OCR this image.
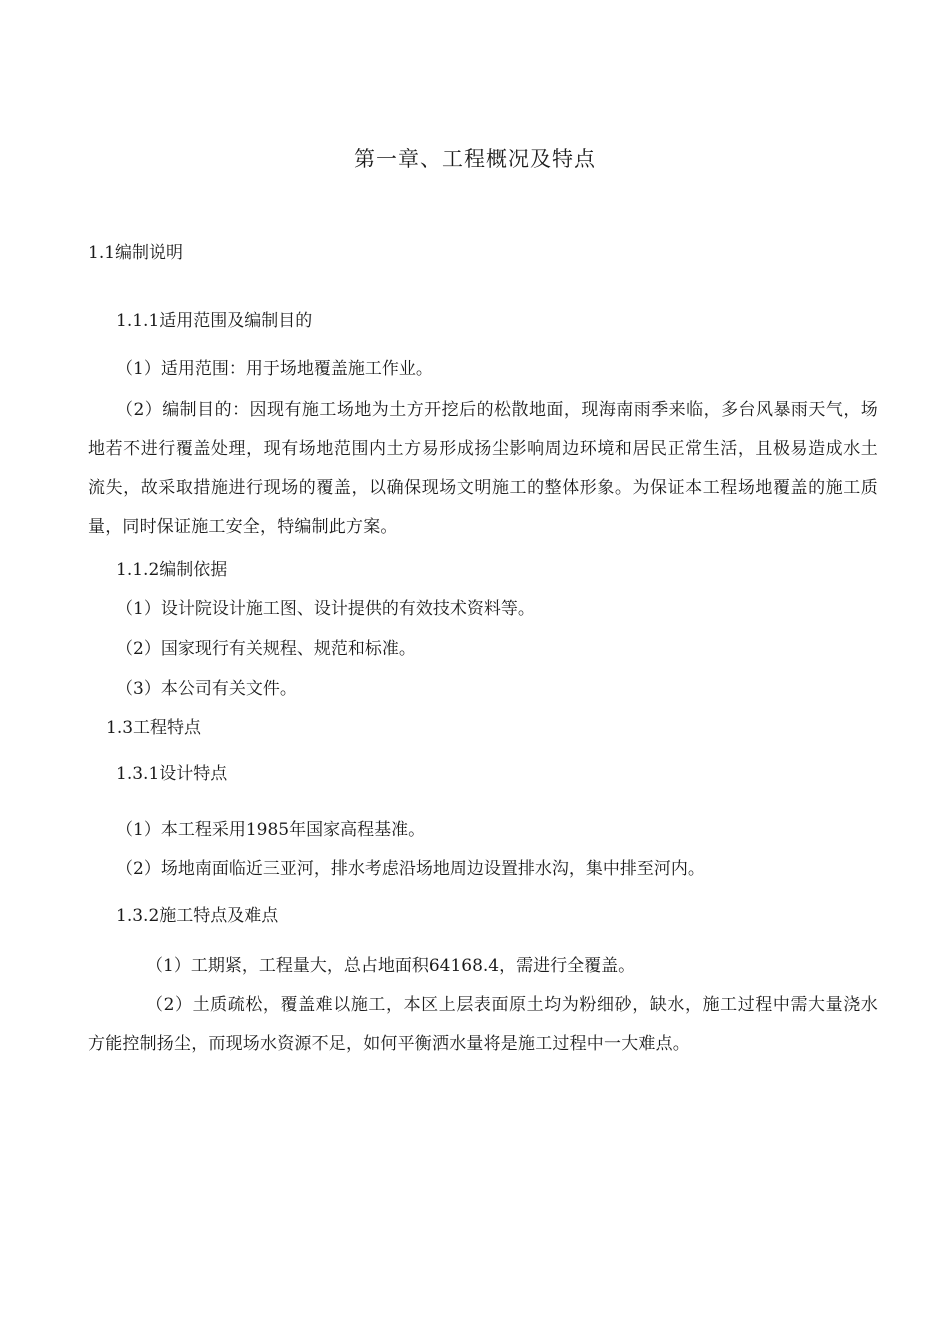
第一章、工程概况及特点
1.1编制说明
1.1.1适用范围及编制目的
（1）适用范围：用于场地覆盖施工作业。
（2）编制目的：因现有施工场地为土方开挖后的松散地面，现海南雨季来临，多台风暴雨天气，场地若不进行覆盖处理，现有场地范围内土方易形成扬尘影响周边环境和居民正常生活，且极易造成水土流失，故采取措施进行现场的覆盖，以确保现场文明施工的整体形象。为保证本工程场地覆盖的施工质量，同时保证施工安全，特编制此方案。
1.1.2编制依据
（1）设计院设计施工图、设计提供的有效技术资料等。
（2）国家现行有关规程、规范和标准。
（3）本公司有关文件。
1.3工程特点
1.3.1设计特点
（1）本工程采用1985年国家高程基准。
（2）场地南面临近三亚河，排水考虑沿场地周边设置排水沟，集中排至河内。
1.3.2施工特点及难点
（1）工期紧，工程量大，总占地面积64168.4，需进行全覆盖。
（2）土质疏松，覆盖难以施工，本区上层表面原土均为粉细砂，缺水，施工过程中需大量浇水方能控制扬尘，而现场水资源不足，如何平衡洒水量将是施工过程中一大难点。
